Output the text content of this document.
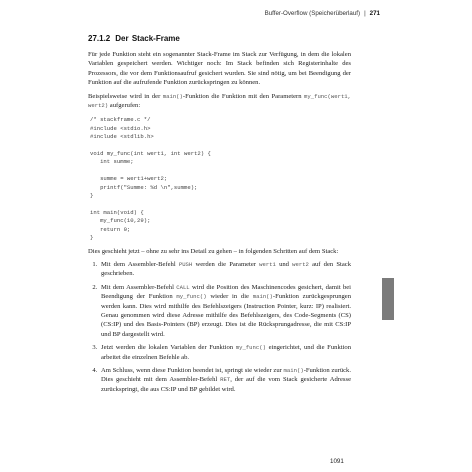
Buffer-Overflow (Speicherüberlauf) | 271
27.1.2 Der Stack-Frame

Für jede Funktion steht ein sogenannter Stack-Frame im Stack zur Verfügung, in dem die lokalen Variablen gespeichert werden. Wichtiger noch: Im Stack befinden sich Registerinhalte des Prozessors, die vor dem Funktionsaufruf gesichert wurden. Sie sind nötig, um bei Beendigung der Funktion auf die aufrufende Funktion zurückspringen zu können.

Beispielsweise wird in der main()-Funktion die Funktion mit den Parametern my_func(wert1, wert2) aufgerufen:

/* stackframe.c */
#include <stdio.h>
#include <stdlib.h>

void my_func(int wert1, int wert2) {
int summe;

summe = wert1+wert2;
printf("Summe: %d \n",summe);
}

int main(void) {
my_func(10,29);
return 0;
}

Dies geschieht jetzt – ohne zu sehr ins Detail zu gehen – in folgenden Schritten auf dem Stack:

1. Mit dem Assembler-Befehl PUSH werden die Parameter wert1 und wert2 auf den Stack geschrieben.
2. Mit dem Assembler-Befehl CALL wird die Position des Maschinencodes gesichert, damit bei Beendigung der Funktion my_func() wieder in die main()-Funktion zurückgesprungen werden kann. Dies wird mithilfe des Befehlszeigers (Instruction Pointer, kurz: IP) realisiert. Genau genommen wird diese Adresse mithilfe des Befehlszeigers, des Code-Segments (CS) (CS:IP) und des Basis-Pointers (BP) erzeugt. Dies ist die Rücksprungadresse, die mit CS:IP und BP dargestellt wird.
3. Jetzt werden die lokalen Variablen der Funktion my_func() eingerichtet, und die Funktion arbeitet die einzelnen Befehle ab.
4. Am Schluss, wenn diese Funktion beendet ist, springt sie wieder zur main()-Funktion zurück. Dies geschieht mit dem Assembler-Befehl RET, der auf die vom Stack gesicherte Adresse zurückspringt, die aus CS:IP und BP gebildet wird.
1091
